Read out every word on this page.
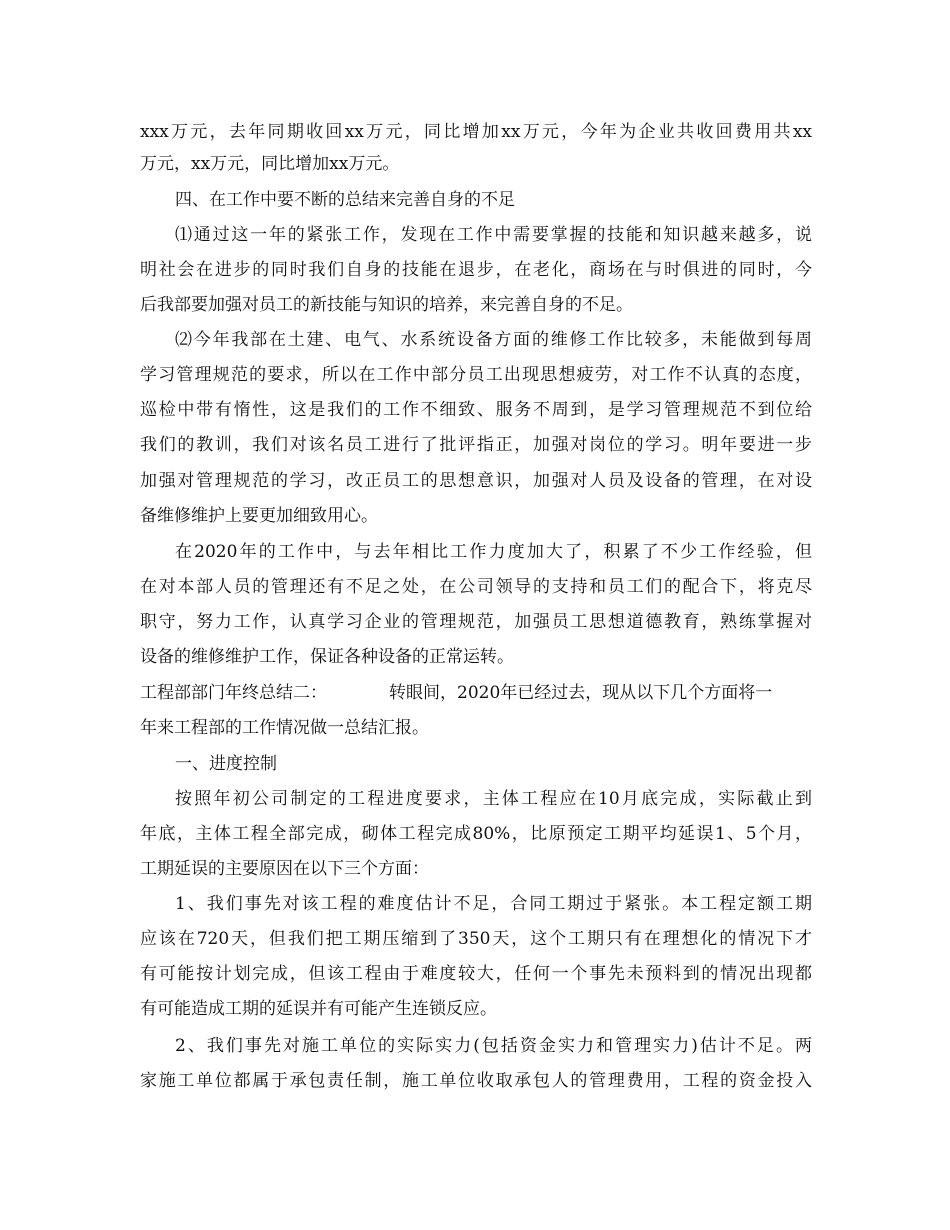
xxx万元，去年同期收回xx万元，同比增加xx万元，今年为企业共收回费用共xx
万元，xx万元，同比增加xx万元。
四、在工作中要不断的总结来完善自身的不足
⑴通过这一年的紧张工作，发现在工作中需要掌握的技能和知识越来越多，说
明社会在进步的同时我们自身的技能在退步，在老化，商场在与时俱进的同时，今
后我部要加强对员工的新技能与知识的培养，来完善自身的不足。
⑵今年我部在土建、电气、水系统设备方面的维修工作比较多，未能做到每周
学习管理规范的要求，所以在工作中部分员工出现思想疲劳，对工作不认真的态度，
巡检中带有惰性，这是我们的工作不细致、服务不周到，是学习管理规范不到位给
我们的教训，我们对该名员工进行了批评指正，加强对岗位的学习。明年要进一步
加强对管理规范的学习，改正员工的思想意识，加强对人员及设备的管理，在对设
备维修维护上要更加细致用心。
在2020年的工作中，与去年相比工作力度加大了，积累了不少工作经验，但
在对本部人员的管理还有不足之处，在公司领导的支持和员工们的配合下，将克尽
职守，努力工作，认真学习企业的管理规范，加强员工思想道德教育，熟练掌握对
设备的维修维护工作，保证各种设备的正常运转。
工程部部门年终总结二：	转眼间，2020年已经过去，现从以下几个方面将一
年来工程部的工作情况做一总结汇报。
一、进度控制
按照年初公司制定的工程进度要求，主体工程应在10月底完成，实际截止到
年底，主体工程全部完成，砌体工程完成80%，比原预定工期平均延误1、5个月，
工期延误的主要原因在以下三个方面：
1、我们事先对该工程的难度估计不足，合同工期过于紧张。本工程定额工期
应该在720天，但我们把工期压缩到了350天，这个工期只有在理想化的情况下才
有可能按计划完成，但该工程由于难度较大，任何一个事先未预料到的情况出现都
有可能造成工期的延误并有可能产生连锁反应。
2、我们事先对施工单位的实际实力(包括资金实力和管理实力)估计不足。两
家施工单位都属于承包责任制，施工单位收取承包人的管理费用，工程的资金投入
